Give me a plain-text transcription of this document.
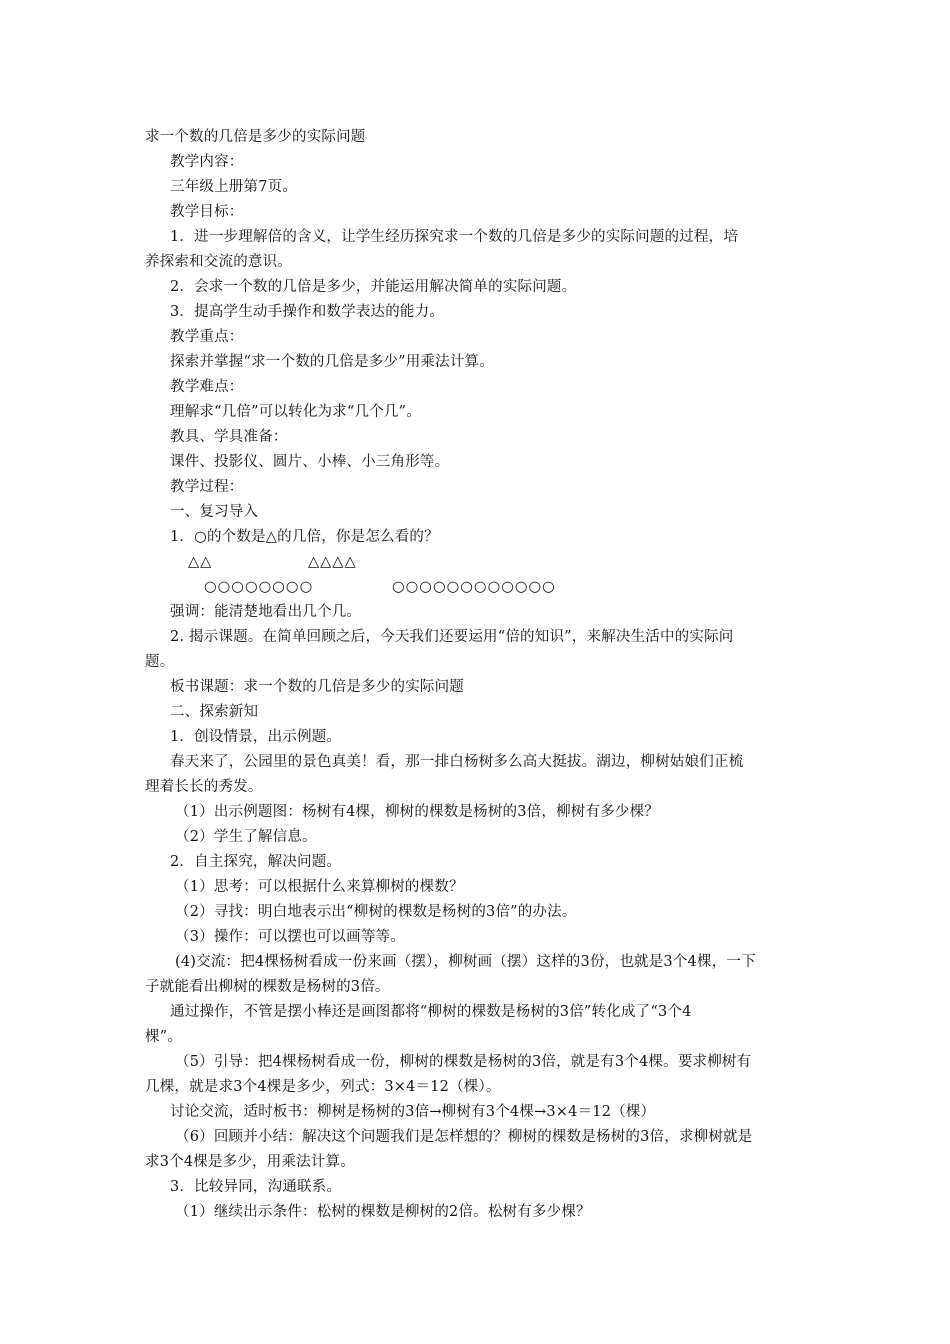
求一个数的几倍是多少的实际问题
教学内容：
三年级上册第7页。
教学目标：
1．进一步理解倍的含义，让学生经历探究求一个数的几倍是多少的实际问题的过程，培
养探索和交流的意识。
2．会求一个数的几倍是多少，并能运用解决简单的实际问题。
3．提高学生动手操作和数学表达的能力。
教学重点：
探索并掌握“求一个数的几倍是多少”用乘法计算。
教学难点：
理解求“几倍”可以转化为求“几个几”。
教具、学具准备：
课件、投影仪、圆片、小棒、小三角形等。
教学过程：
一、复习导入
1．○的个数是△的几倍，你是怎么看的？
△△	△△△△
○○○○○○○○	○○○○○○○○○○○○
强调：能清楚地看出几个几。
2. 揭示课题。在简单回顾之后，今天我们还要运用“倍的知识”，来解决生活中的实际问
题。
板书课题：求一个数的几倍是多少的实际问题
二、探索新知
1．创设情景，出示例题。
春天来了，公园里的景色真美！看，那一排白杨树多么高大挺拔。湖边，柳树姑娘们正梳
理着长长的秀发。
（1）出示例题图：杨树有4棵，柳树的棵数是杨树的3倍，柳树有多少棵？
（2）学生了解信息。
2．自主探究，解决问题。
（1）思考：可以根据什么来算柳树的棵数？
（2）寻找：明白地表示出“柳树的棵数是杨树的3倍”的办法。
（3）操作：可以摆也可以画等等。
(4)交流：把4棵杨树看成一份来画（摆），柳树画（摆）这样的3份，也就是3个4棵，一下
子就能看出柳树的棵数是杨树的3倍。
通过操作，不管是摆小棒还是画图都将“柳树的棵数是杨树的3倍”转化成了“3个4
棵”。
（5）引导：把4棵杨树看成一份，柳树的棵数是杨树的3倍，就是有3个4棵。要求柳树有
几棵，就是求3个4棵是多少，列式：3×4＝12（棵）。
讨论交流，适时板书：柳树是杨树的3倍→柳树有3个4棵→3×4＝12（棵）
（6）回顾并小结：解决这个问题我们是怎样想的？柳树的棵数是杨树的3倍，求柳树就是
求3个4棵是多少，用乘法计算。
3．比较异同，沟通联系。
（1）继续出示条件：松树的棵数是柳树的2倍。松树有多少棵？
